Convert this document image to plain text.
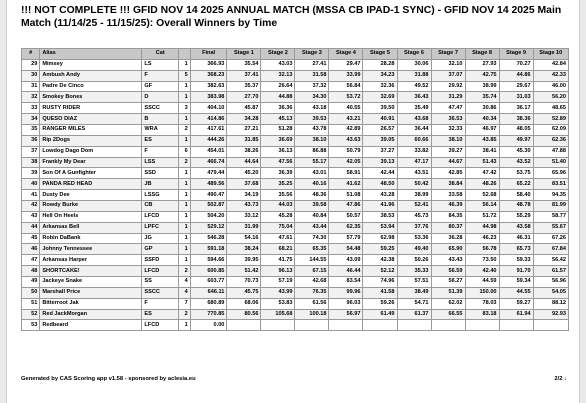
!!! NOT COMPLETE !!! GFID NOV 14 2025 ANNUAL MATCH (MSSA CB IPAD-1 SYNC) - GFID NOV 14 2025 Main Match (11/14/25 - 11/15/25): Overall Winners by Time
#	Alias	Cat		Final	Stage 1	Stage 2	Stage 3	Stage 4	Stage 5	Stage 6	Stage 7	Stage 8	Stage 9	Stage 10
29	Mimsey	LS	1	366.93	35.54	43.03	27.41	29.47	28.28	30.06	32.10	27.93	70.27	42.84
30	Ambush Andy	F	5	368.23	37.41	32.13	31.58	33.99	34.23	31.88	37.07	42.75	44.86	42.33
31	Padre De Cinco	GF	1	382.63	35.37	26.64	37.32	56.84	32.36	49.52	29.92	38.99	29.67	46.00
32	Smokey Bones	D	1	383.98	27.70	44.88	34.30	53.72	32.69	36.43	31.29	35.74	31.03	56.20
33	RUSTY RIDER	SSCC	3	404.10	45.87	36.36	43.18	40.55	39.50	35.49	47.47	30.86	36.17	48.65
34	QUESO DIAZ	B	1	414.86	34.28	45.13	39.53	43.21	40.91	43.68	36.53	40.34	38.36	52.89
35	RANGER MILES	WRA	2	417.61	27.21	51.28	43.78	42.89	26.57	36.44	32.33	46.97	48.05	62.09
36	Rip 2Dogs	ES	1	444.26	31.85	36.69	38.10	43.63	39.05	60.66	38.10	43.85	49.97	62.36
37	Lowdog Dago Dom	F	6	454.01	38.26	36.13	86.88	50.79	37.27	33.82	39.27	38.41	45.30	47.88
38	Frankly My Dear	LSS	2	466.74	44.64	47.56	55.17	42.05	39.13	47.17	44.67	51.43	43.52	51.40
39	Son Of A Gunfighter	SSD	1	479.44	45.20	36.39	43.01	58.91	42.44	43.51	42.85	47.42	53.75	65.96
40	PANDA RED HEAD	JB	1	489.56	37.68	35.25	40.16	41.62	48.50	50.42	38.84	48.26	65.22	83.51
41	Dusty Dee	LSSG	1	490.47	34.19	35.56	48.36	51.08	43.28	38.99	33.58	52.68	58.40	94.35
42	Rowdy Burke	CB	1	502.87	43.73	44.03	39.58	47.86	41.96	52.41	46.39	56.14	48.78	81.99
43	Hell On Heels	LFCD	1	504.20	33.12	45.28	40.84	50.57	38.53	45.73	84.35	51.72	55.29	58.77
44	Arkansas Bell	LPFC	1	529.12	31.99	75.04	43.44	62.35	53.94	37.76	80.37	44.98	43.58	55.67
45	Robin DaBank	JG	1	546.28	54.16	47.61	74.30	57.79	62.98	53.36	36.28	46.23	46.31	67.26
46	Johnny Tennessee	GP	1	591.18	38.24	68.21	65.35	54.48	59.25	49.40	65.90	56.78	65.73	67.84
47	Arkansas Harper	SSFD	1	594.66	39.95	41.75	144.55	43.09	42.38	50.26	43.43	73.50	59.33	56.42
48	SHORTCAKE!	LFCD	2	600.85	51.42	96.13	67.15	46.44	52.12	35.33	56.59	42.40	91.70	61.57
49	Jackeye Snake	SS	4	603.77	70.73	57.19	42.68	83.54	74.96	57.51	56.27	44.59	59.34	56.96
50	Marshall Price	SSCC	4	646.11	45.75	43.99	76.35	99.96	41.58	38.49	51.39	150.00	44.55	54.05
51	Bitterroot Jak	F	7	680.89	68.06	53.83	61.56	96.03	59.26	54.71	62.02	78.03	59.27	88.12
52	Red JackMorgan	ES	2	770.85	80.56	105.68	100.18	56.97	61.49	61.37	66.55	83.18	61.94	92.93
53	Redbeard	LFCD	1	0.00										
Generated by CAS Scoring app v1.58 - sponsored by aclesia.eu	2/2 ↓
